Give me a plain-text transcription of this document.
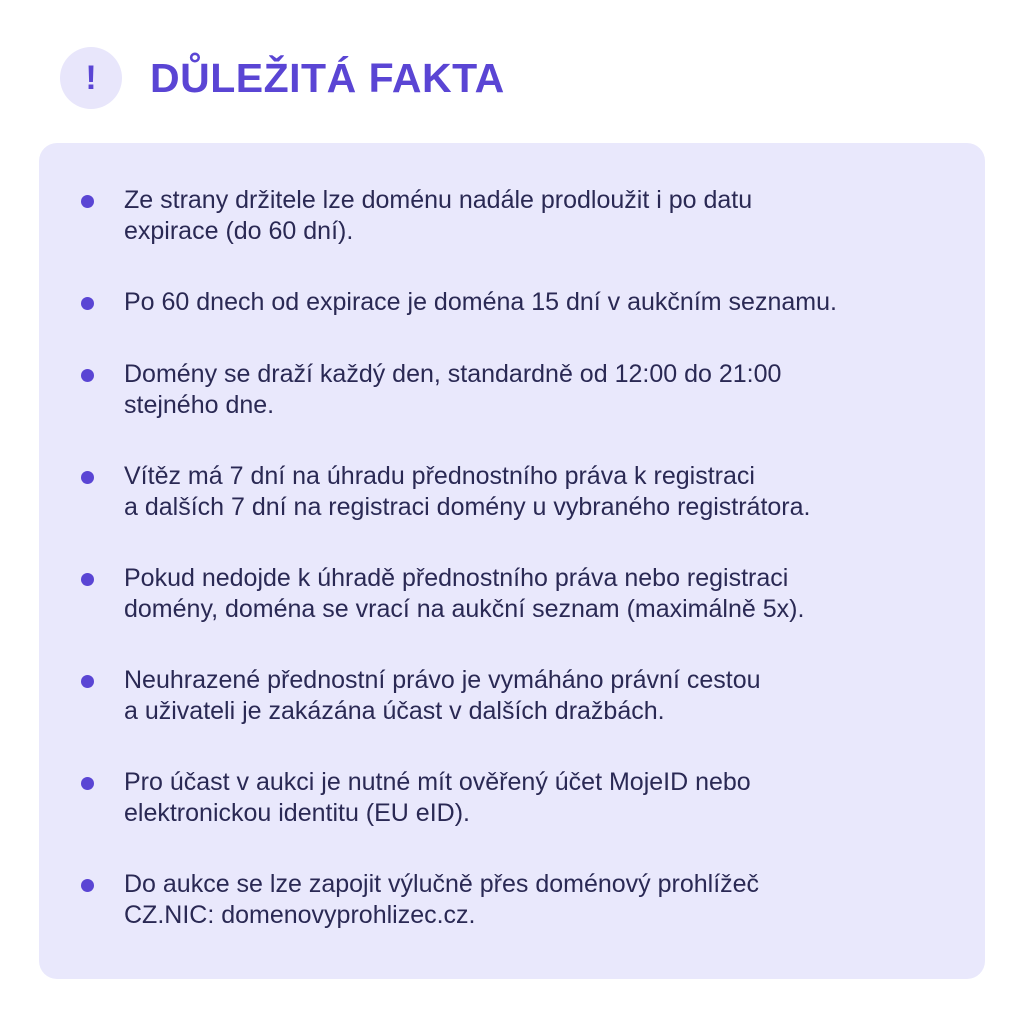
! DŮLEŽITÁ FAKTA
Ze strany držitele lze doménu nadále prodloužit i po datu
expirace (do 60 dní).
Po 60 dnech od expirace je doména 15 dní v aukčním seznamu.
Domény se draží každý den, standardně od 12:00 do 21:00
stejného dne.
Vítěz má 7 dní na úhradu přednostního práva k registraci
a dalších 7 dní na registraci domény u vybraného registrátora.
Pokud nedojde k úhradě přednostního práva nebo registraci
domény, doména se vrací na aukční seznam (maximálně 5x).
Neuhrazené přednostní právo je vymáháno právní cestou
a uživateli je zakázána účast v dalších dražbách.
Pro účast v aukci je nutné mít ověřený účet MojeID nebo
elektronickou identitu (EU eID).
Do aukce se lze zapojit výlučně přes doménový prohlížeč
CZ.NIC: domenovyprohlizec.cz.
